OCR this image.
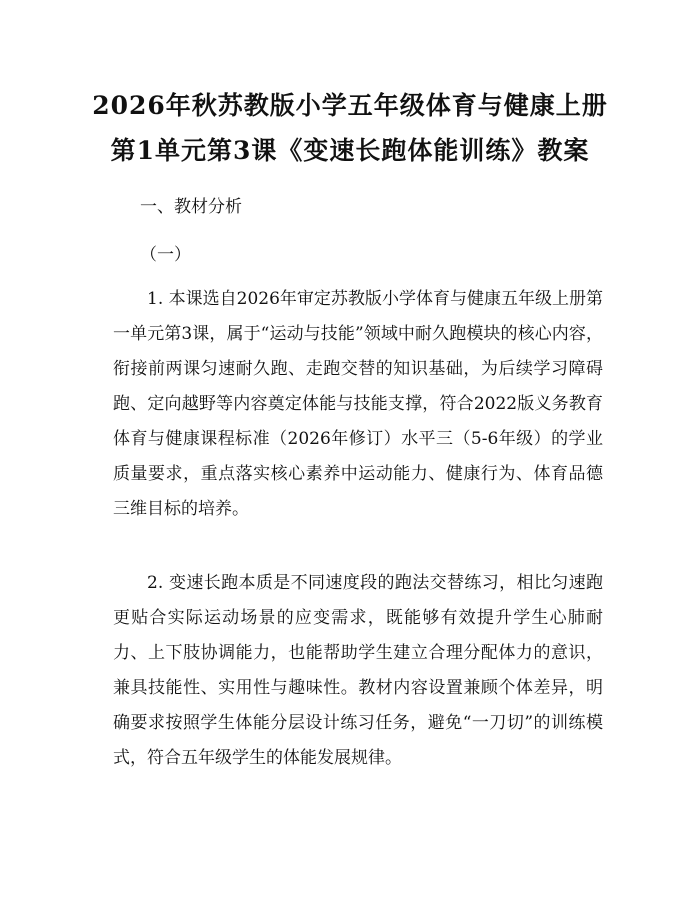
2026年秋苏教版小学五年级体育与健康上册
第1单元第3课《变速长跑体能训练》教案
一、教材分析
（一）

1. 本课选自2026年审定苏教版小学体育与健康五年级上册第一单元第3课，属于“运动与技能”领域中耐久跑模块的核心内容，衔接前两课匀速耐久跑、走跑交替的知识基础，为后续学习障碍跑、定向越野等内容奠定体能与技能支撑，符合2022版义务教育体育与健康课程标准（2026年修订）水平三（5-6年级）的学业质量要求，重点落实核心素养中运动能力、健康行为、体育品德三维目标的培养。

2. 变速长跑本质是不同速度段的跑法交替练习，相比匀速跑更贴合实际运动场景的应变需求，既能够有效提升学生心肺耐力、上下肢协调能力，也能帮助学生建立合理分配体力的意识，兼具技能性、实用性与趣味性。教材内容设置兼顾个体差异，明确要求按照学生体能分层设计练习任务，避免“一刀切”的训练模式，符合五年级学生的体能发展规律。
